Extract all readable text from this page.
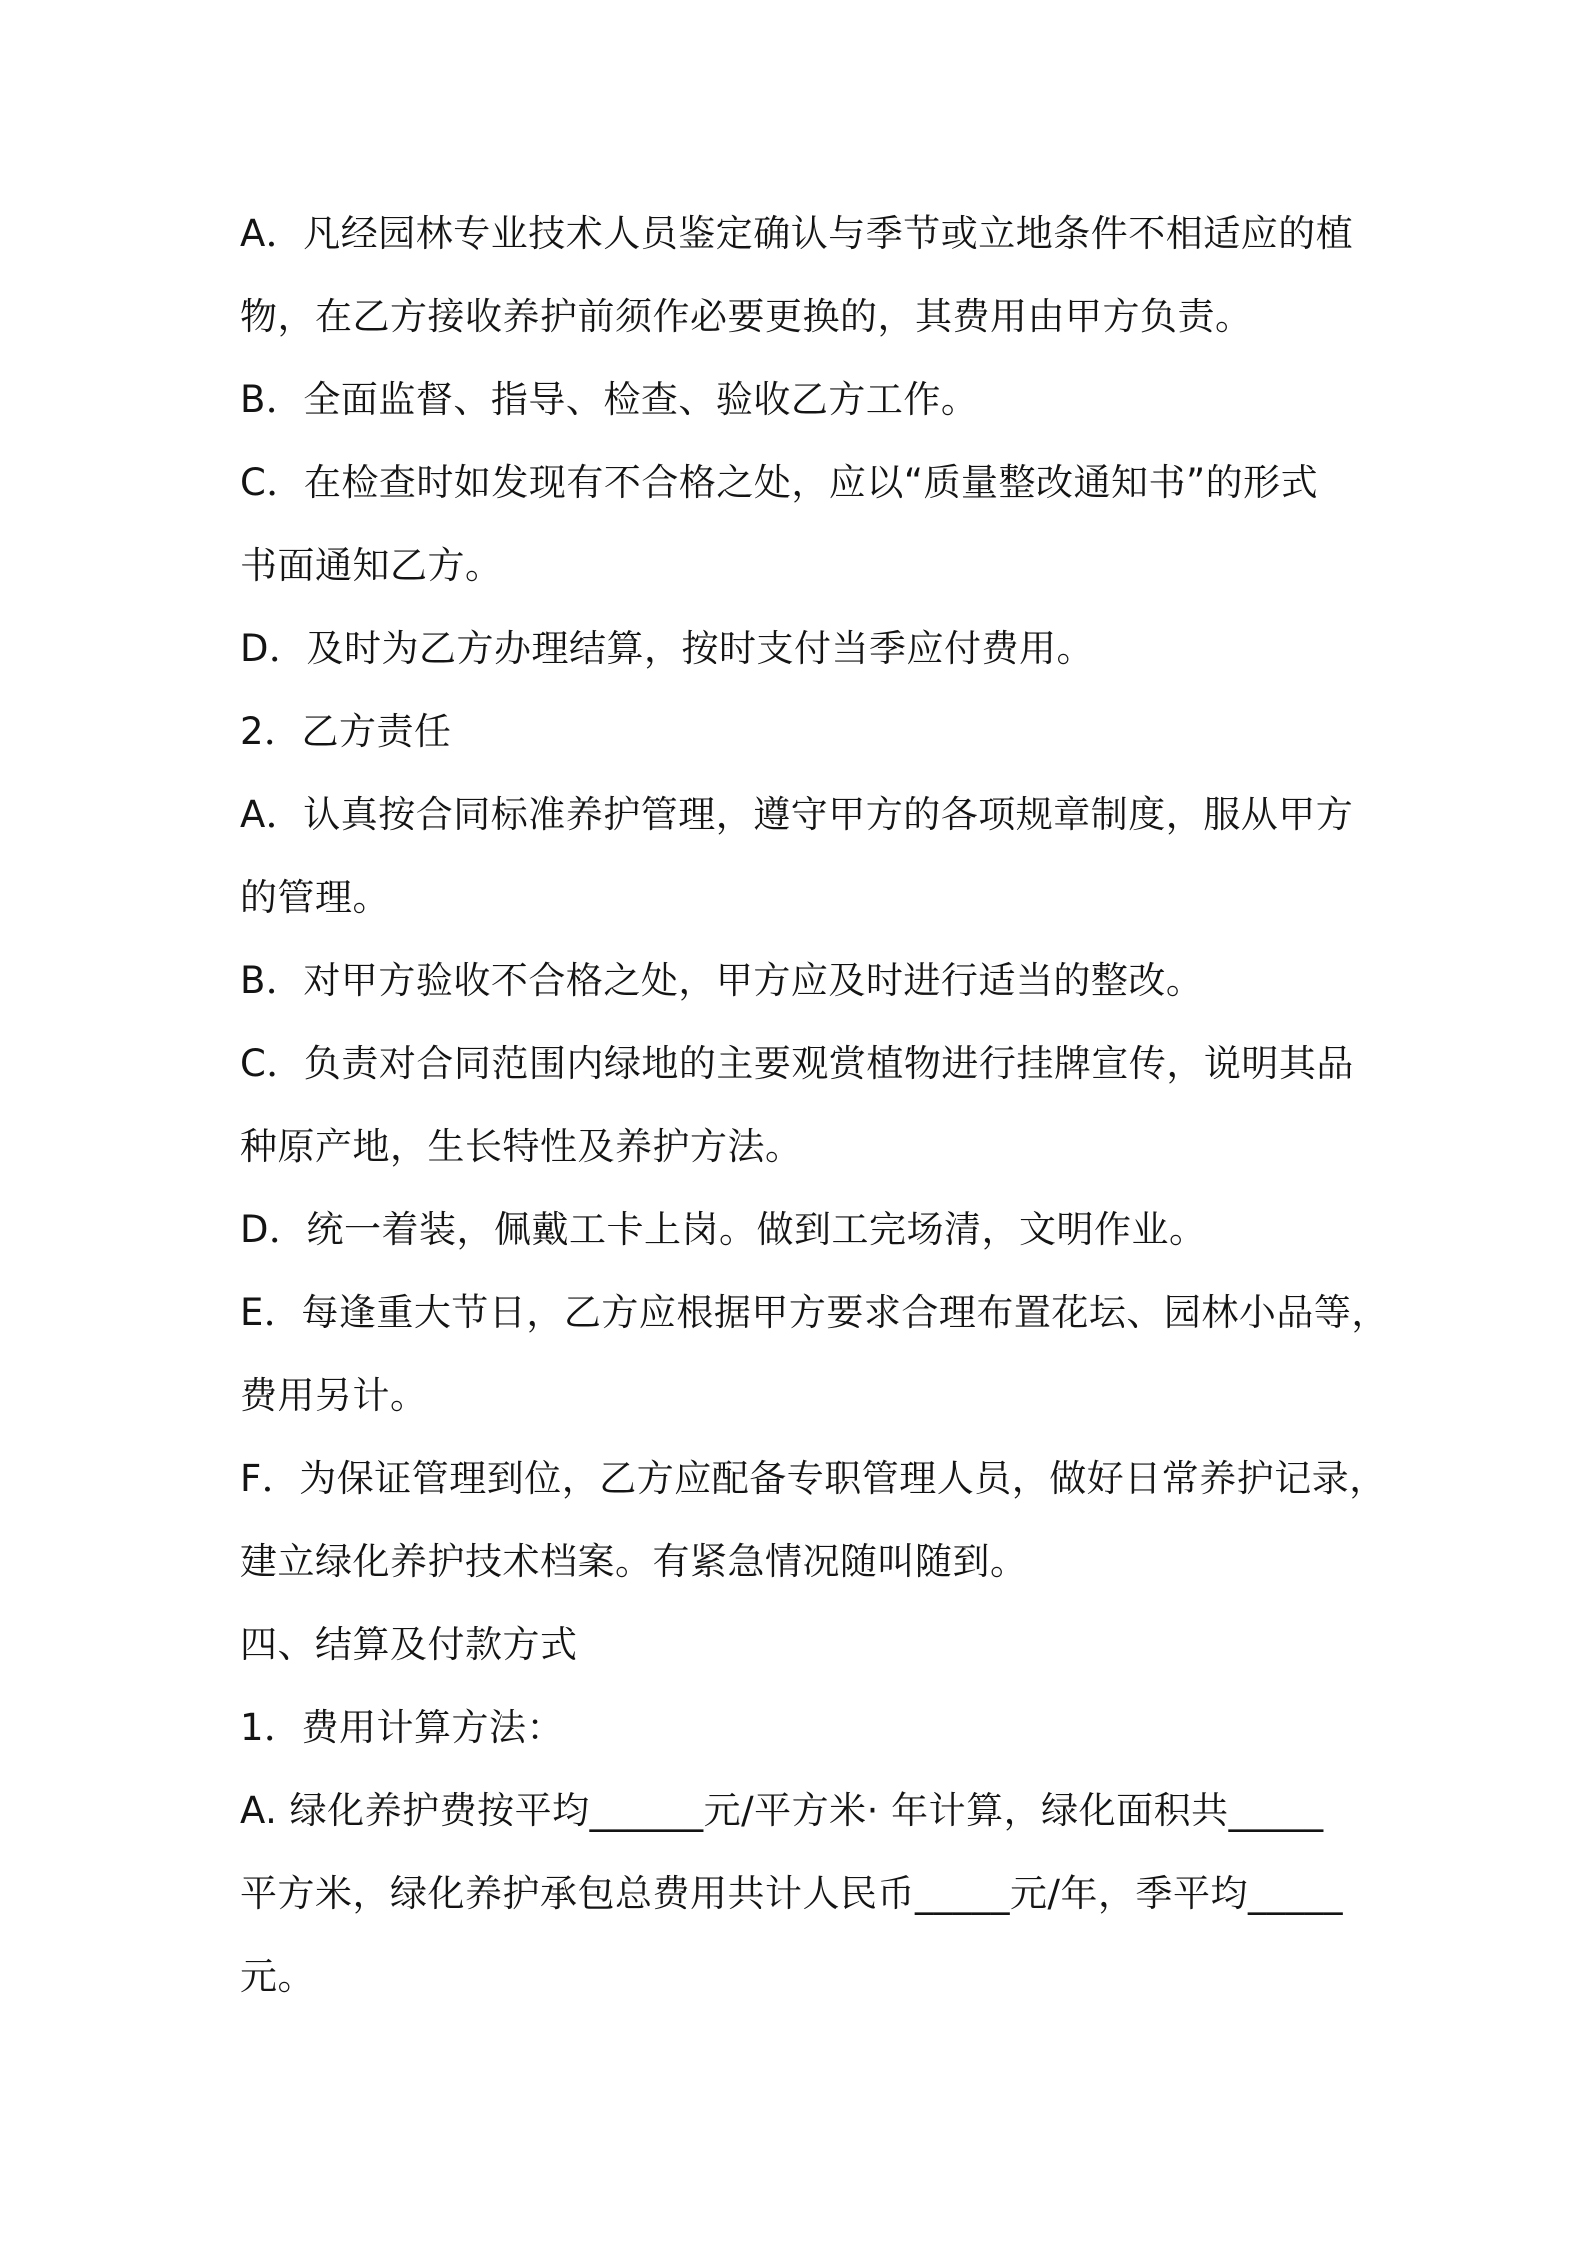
A．凡经园林专业技术人员鉴定确认与季节或立地条件不相适应的植
物，在乙方接收养护前须作必要更换的，其费用由甲方负责。
B．全面监督、指导、检查、验收乙方工作。
C．在检查时如发现有不合格之处，应以“质量整改通知书”的形式
书面通知乙方。
D．及时为乙方办理结算，按时支付当季应付费用。
2．乙方责任
A．认真按合同标准养护管理，遵守甲方的各项规章制度，服从甲方
的管理。
B．对甲方验收不合格之处，甲方应及时进行适当的整改。
C．负责对合同范围内绿地的主要观赏植物进行挂牌宣传，说明其品
种原产地，生长特性及养护方法。
D．统一着装，佩戴工卡上岗。做到工完场清，文明作业。
E．每逢重大节日，乙方应根据甲方要求合理布置花坛、园林小品等，
费用另计。
F．为保证管理到位，乙方应配备专职管理人员，做好日常养护记录，
建立绿化养护技术档案。有紧急情况随叫随到。
四、结算及付款方式
1．费用计算方法：
A. 绿化养护费按平均______元/平方米· 年计算，绿化面积共_____
平方米，绿化养护承包总费用共计人民币_____元/年，季平均_____
元。
